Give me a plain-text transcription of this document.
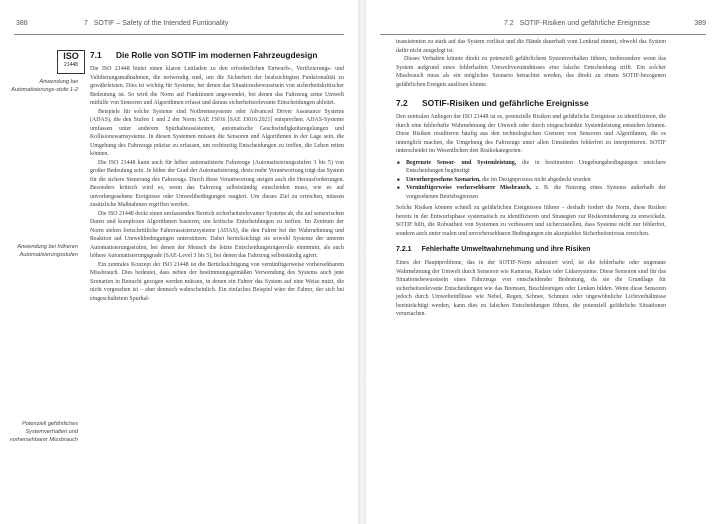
388	7   SOTIF – Safety of the Intended Funtionality
ISO
21448
Anwendung bei Automatisierungs-stufe 1-2
Anwendung bei höheren Automatisierungsstufen
Potenziell gefährliches Systemverhalten und vorhersehbarer Missbrauch
7.1	Die Rolle von SOTIF im modernen Fahrzeugdesign

Die ISO 21448 bietet einen klaren Leitfaden zu den erforderlichen Entwurfs-, Verifizierungs- und Validierungsmaßnahmen, die notwendig sind, um die Sicherheit der beabsichtigten Funktionalität zu gewährleisten. Dies ist wichtig für Systeme, bei denen das Situationsbewusstsein von sicherheitskritischer Bedeutung ist. So wird die Norm auf Funktionen angewendet, bei denen das Fahrzeug seine Umwelt mithilfe von Sensoren und Algorithmen erfasst und daraus sicherheitsrelevante Entscheidungen ableitet.

Beispiele für solche Systeme sind Notbremssysteme oder Advanced Driver Assistance Systems (ADAS), die den Stufen 1 und 2 der Norm SAE J3016 [SAE J3016:2021] entsprechen. ADAS-Systeme umfassen unter anderem Spurhalteassistenten, automatische Geschwindigkeitsregelungen und Kollisionswarnsysteme. In diesen Systemen müssen die Sensoren und Algorithmen in der Lage sein, die Umgebung des Fahrzeugs präzise zu erfassen, um rechtzeitig Entscheidungen zu treffen, die Leben retten können.

Die ISO 21448 kann auch für höher automatisierte Fahrzeuge (Automatisierungsstufen 3 bis 5) von großer Bedeutung sein. Je höher der Grad der Automatisierung, desto mehr Verantwortung trägt das System für die sichere Steuerung des Fahrzeugs. Durch diese Verantwortung steigen auch die Herausforderungen. Besonders kritisch wird es, wenn das Fahrzeug selbstständig entscheiden muss, wie es auf unvorhergesehene Ereignisse oder Umweltbedingungen reagiert. Um dieses Ziel zu erreichen, müssen zusätzliche Maßnahmen ergriffen werden.

Die ISO 21448 deckt einen umfassenden Bereich sicherheitsrelevanter Systeme ab, die auf sensorischen Daten und komplexen Algorithmen basieren, um kritische Entscheidungen zu treffen. Im Zentrum der Norm stehen fortschrittliche Fahrerassistenzsysteme (ADAS), die den Fahrer bei der Wahrnehmung und Reaktion auf Umweltbedingungen unterstützen. Dabei berücksichtigt sie sowohl Systeme der unteren Automatisierungsstufen, bei denen der Mensch die letzte Entscheidungsträgerrolle einnimmt, als auch höhere Automatisierungsgrade (SAE-Level 3 bis 5), bei denen das Fahrzeug selbstständig agiert.

Ein zentrales Konzept der ISO 21448 ist die Berücksichtigung von vernünftigerweise vorhersehbarem Missbrauch. Dies bedeutet, dass neben der bestimmungsgemäßen Verwendung des Systems auch jene Szenarien in Betracht gezogen werden müssen, in denen ein Fahrer das System auf eine Weise nutzt, die nicht vorgesehen ist – aber dennoch wahrscheinlich. Ein einfaches Beispiel wäre der Fahrer, der sich bei eingeschaltetem Spurhal-

7.2   SOTIF-Risiken und gefährliche Ereignisse	389

teassistenten zu stark auf das System verlässt und die Hände dauerhaft vom Lenkrad nimmt, obwohl das System dafür nicht ausgelegt ist.

Dieses Verhalten könnte direkt zu potenziell gefährlichem Systemverhalten führen, insbesondere wenn das System aufgrund eines fehlerhaften Umweltverständnisses eine falsche Entscheidung trifft. Ein solcher Missbrauch muss als ein mögliches Szenario betrachtet werden, das direkt zu einem SOTIF-bezogenen gefährlichen Ereignis auslösen könnte.

7.2	SOTIF-Risiken und gefährliche Ereignisse

Den zentralen Anliegen der ISO 21448 ist es, potenzielle Risiken und gefährliche Ereignisse zu identifizieren, die durch eine fehlerhafte Wahrnehmung der Umwelt oder durch eingeschränkte Systemleistung entstehen können. Diese Risiken resultieren häufig aus den technologischen Grenzen von Sensoren und Algorithmen, die es unmöglich machen, die Umgebung des Fahrzeugs unter allen Umständen fehlerfrei zu interpretieren. SOTIF unterscheidet im Wesentlichen drei Risikokategorien:

■ Begrenzte Sensor- und Systemleistung, die in bestimmten Umgebungsbedingungen unsichere Entscheidungen begünstigt
■ Unvorhergesehene Szenarien, die im Designprozess nicht abgedeckt wurden
■ Vernünftigerweise vorhersehbarer Missbrauch, z. B. die Nutzung eines Systems außerhalb der vorgesehenen Betriebsgrenzen

Solche Risiken können schnell zu gefährlichen Ereignissen führen – deshalb fordert die Norm, diese Risiken bereits in der Entwurfsphase systematisch zu identifizieren und Strategien zur Risikominderung zu entwickeln. SOTIF hilft, die Robustheit von Systemen zu verbessern und sicherzustellen, dass Systeme nicht nur fehlerfrei, sondern auch unter realen und unvorhersehbaren Bedingungen ein akzeptables Sicherheitsniveau erreichen.

7.2.1 Fehlerhafte Umweltwahrnehmung und ihre Risiken

Eines der Hauptprobleme, das in der SOTIF-Norm adressiert wird, ist die fehlerhafte oder ungenaue Wahrnehmung der Umwelt durch Sensoren wie Kameras, Radare oder Lidarsysteme. Diese Sensoren sind für das Situationsbewusstsein eines Fahrzeugs von entscheidender Bedeutung, da sie die Grundlage für sicherheitsrelevante Entscheidungen wie das Bremsen, Beschleunigen oder Lenken bilden. Wenn diese Sensoren jedoch durch Umwelteinflüsse wie Nebel, Regen, Schnee, Schmutz oder ungewöhnliche Lichtverhältnisse beeinträchtigt werden, kann dies zu falschen Entscheidungen führen, die potenziell gefährliche Situationen verursachen.
